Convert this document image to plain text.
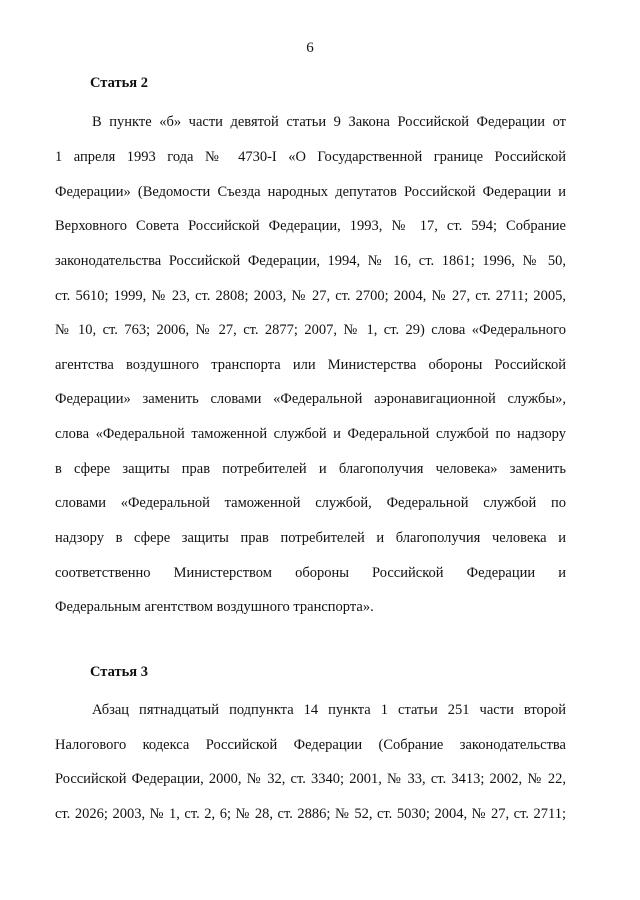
6
Статья 2
В пункте «б» части девятой статьи 9 Закона Российской Федерации от
1 апреля 1993 года № 4730-I «О Государственной границе Российской
Федерации» (Ведомости Съезда народных депутатов Российской Федерации и
Верховного Совета Российской Федерации, 1993, № 17, ст. 594; Собрание
законодательства Российской Федерации, 1994, № 16, ст. 1861; 1996, № 50,
ст. 5610; 1999, № 23, ст. 2808; 2003, № 27, ст. 2700; 2004, № 27, ст. 2711; 2005,
№ 10, ст. 763; 2006, № 27, ст. 2877; 2007, № 1, ст. 29) слова «Федерального
агентства воздушного транспорта или Министерства обороны Российской
Федерации» заменить словами «Федеральной аэронавигационной службы»,
слова «Федеральной таможенной службой и Федеральной службой по надзору
в сфере защиты прав потребителей и благополучия человека» заменить
словами «Федеральной таможенной службой, Федеральной службой по
надзору в сфере защиты прав потребителей и благополучия человека и
соответственно Министерством обороны Российской Федерации и
Федеральным агентством воздушного транспорта».
Статья 3
Абзац пятнадцатый подпункта 14 пункта 1 статьи 251 части второй
Налогового кодекса Российской Федерации (Собрание законодательства
Российской Федерации, 2000, № 32, ст. 3340; 2001, № 33, ст. 3413; 2002, № 22,
ст. 2026; 2003, № 1, ст. 2, 6; № 28, ст. 2886; № 52, ст. 5030; 2004, № 27, ст. 2711;
